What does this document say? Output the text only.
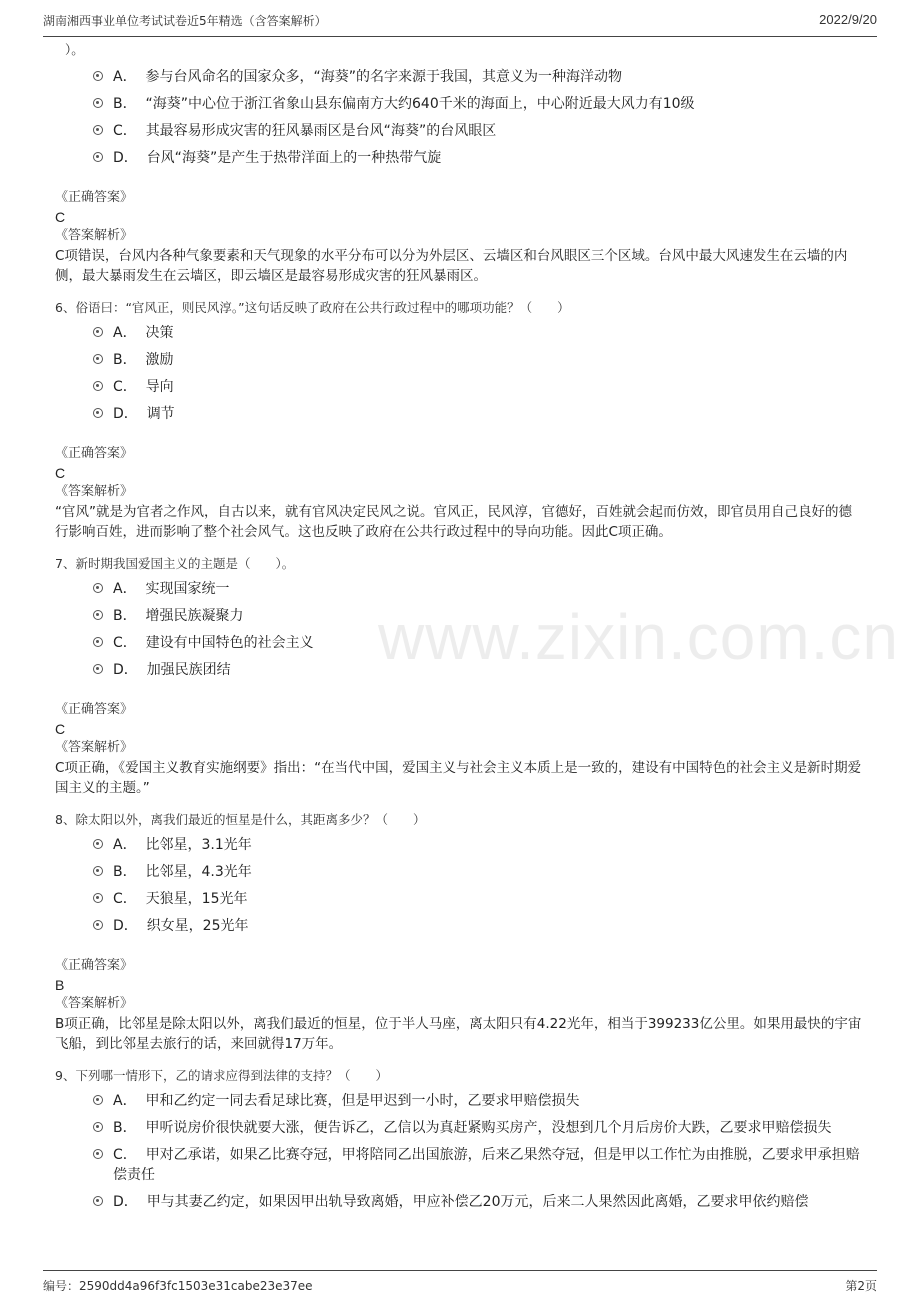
湖南湘西事业单位考试试卷近5年精选（含答案解析）	2022/9/20
www.zixin.com.cn
）。
A． 参与台风命名的国家众多，“海葵”的名字来源于我国，其意义为一种海洋动物
B． “海葵”中心位于浙江省象山县东偏南方大约640千米的海面上，中心附近最大风力有10级
C． 其最容易形成灾害的狂风暴雨区是台风“海葵”的台风眼区
D． 台风“海葵”是产生于热带洋面上的一种热带气旋
《正确答案》
C
《答案解析》
C项错误，台风内各种气象要素和天气现象的水平分布可以分为外层区、云墙区和台风眼区三个区域。台风中最大风速发生在云墙的内侧，最大暴雨发生在云墙区，即云墙区是最容易形成灾害的狂风暴雨区。
6、俗语曰：“官风正，则民风淳。”这句话反映了政府在公共行政过程中的哪项功能？（　　）
A． 决策
B． 激励
C． 导向
D． 调节
《正确答案》
C
《答案解析》
“官风”就是为官者之作风，自古以来，就有官风决定民风之说。官风正，民风淳，官德好，百姓就会起而仿效，即官员用自己良好的德行影响百姓，进而影响了整个社会风气。这也反映了政府在公共行政过程中的导向功能。因此C项正确。
7、新时期我国爱国主义的主题是（　　）。
A． 实现国家统一
B． 增强民族凝聚力
C． 建设有中国特色的社会主义
D． 加强民族团结
《正确答案》
C
《答案解析》
C项正确，《爱国主义教育实施纲要》指出：“在当代中国，爱国主义与社会主义本质上是一致的，建设有中国特色的社会主义是新时期爱国主义的主题。”
8、除太阳以外，离我们最近的恒星是什么，其距离多少？（　　）
A． 比邻星，3.1光年
B． 比邻星，4.3光年
C． 天狼星，15光年
D． 织女星，25光年
《正确答案》
B
《答案解析》
B项正确，比邻星是除太阳以外，离我们最近的恒星，位于半人马座，离太阳只有4.22光年，相当于399233亿公里。如果用最快的宇宙飞船，到比邻星去旅行的话，来回就得17万年。
9、下列哪一情形下，乙的请求应得到法律的支持？（　　）
A． 甲和乙约定一同去看足球比赛，但是甲迟到一小时，乙要求甲赔偿损失
B． 甲听说房价很快就要大涨，便告诉乙，乙信以为真赶紧购买房产，没想到几个月后房价大跌，乙要求甲赔偿损失
C． 甲对乙承诺，如果乙比赛夺冠，甲将陪同乙出国旅游，后来乙果然夺冠，但是甲以工作忙为由推脱，乙要求甲承担赔偿责任
D． 甲与其妻乙约定，如果因甲出轨导致离婚，甲应补偿乙20万元，后来二人果然因此离婚，乙要求甲依约赔偿
编号：2590dd4a96f3fc1503e31cabe23e37ee	第2页
